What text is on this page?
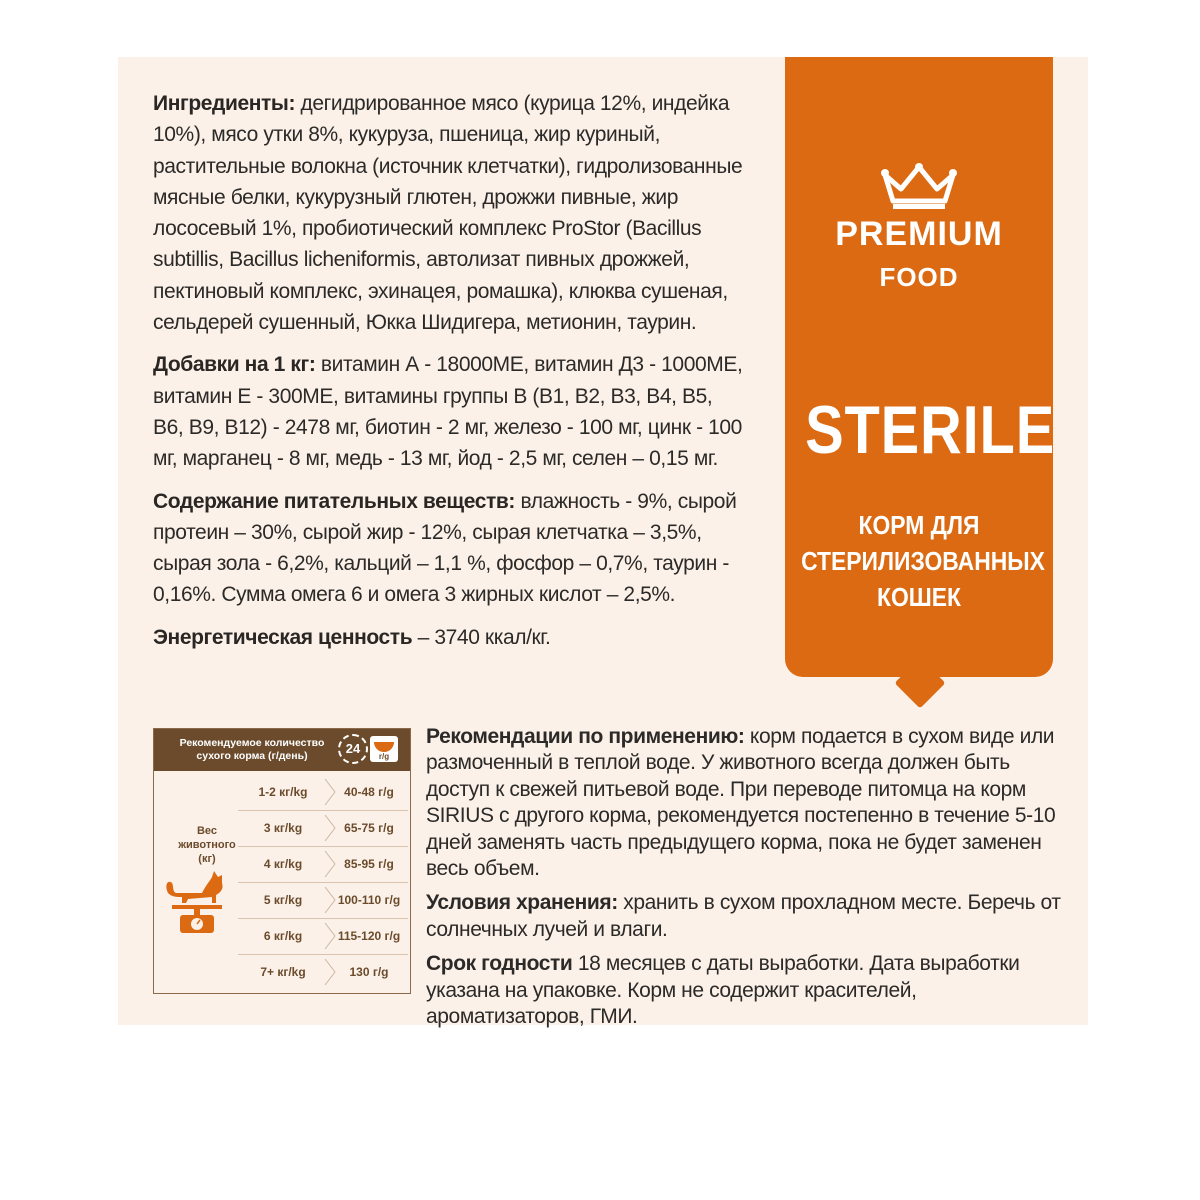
Ингредиенты: дегидрированное мясо (курица 12%, индейка 10%), мясо утки 8%, кукуруза, пшеница, жир куриный, растительные волокна (источник клетчатки), гидролизованные мясные белки, кукурузный глютен, дрожжи пивные, жир лососевый 1%, пробиотический комплекс ProStor (Bacillus subtillis, Bacillus licheniformis, автолизат пивных дрожжей, пектиновый комплекс, эхинацея, ромашка), клюква сушеная, сельдерей сушенный, Юкка Шидигера, метионин, таурин.

Добавки на 1 кг: витамин А - 18000МЕ, витамин Д3 - 1000МЕ, витамин Е - 300МЕ, витамины группы В (В1, В2, В3, В4, В5, В6, В9, В12) - 2478 мг, биотин - 2 мг, железо - 100 мг, цинк - 100 мг, марганец - 8 мг, медь - 13 мг, йод - 2,5 мг, селен – 0,15 мг.

Содержание питательных веществ: влажность - 9%, сырой протеин – 30%, сырой жир - 12%, сырая клетчатка – 3,5%, сырая зола - 6,2%, кальций – 1,1 %, фосфор – 0,7%, таурин - 0,16%. Сумма омега 6 и омега 3 жирных кислот – 2,5%.

Энергетическая ценность – 3740 ккал/кг.

PREMIUM
FOOD
STERILE
КОРМ ДЛЯ
СТЕРИЛИЗОВАННЫХ
КОШЕК
Рекомендуемое количество
сухого корма (г/день)	24
r/g
Вес
животного
(кг)
1-2 кг/kg	40-48 г/g
3 кг/kg	65-75 г/g
4 кг/kg	85-95 г/g
5 кг/kg	100-110 г/g
6 кг/kg	115-120 г/g
7+ кг/kg	130 г/g

Рекомендации по применению: корм подается в сухом виде или размоченный в теплой воде. У животного всегда должен быть доступ к свежей питьевой воде. При переводе питомца на корм SIRIUS с другого корма, рекомендуется постепенно в течение 5-10 дней заменять часть предыдущего корма, пока не будет заменен весь объем.

Условия хранения: хранить в сухом прохладном месте. Беречь от солнечных лучей и влаги.

Срок годности 18 месяцев с даты выработки. Дата выработки указана на упаковке. Корм не содержит красителей, ароматизаторов, ГМИ.
